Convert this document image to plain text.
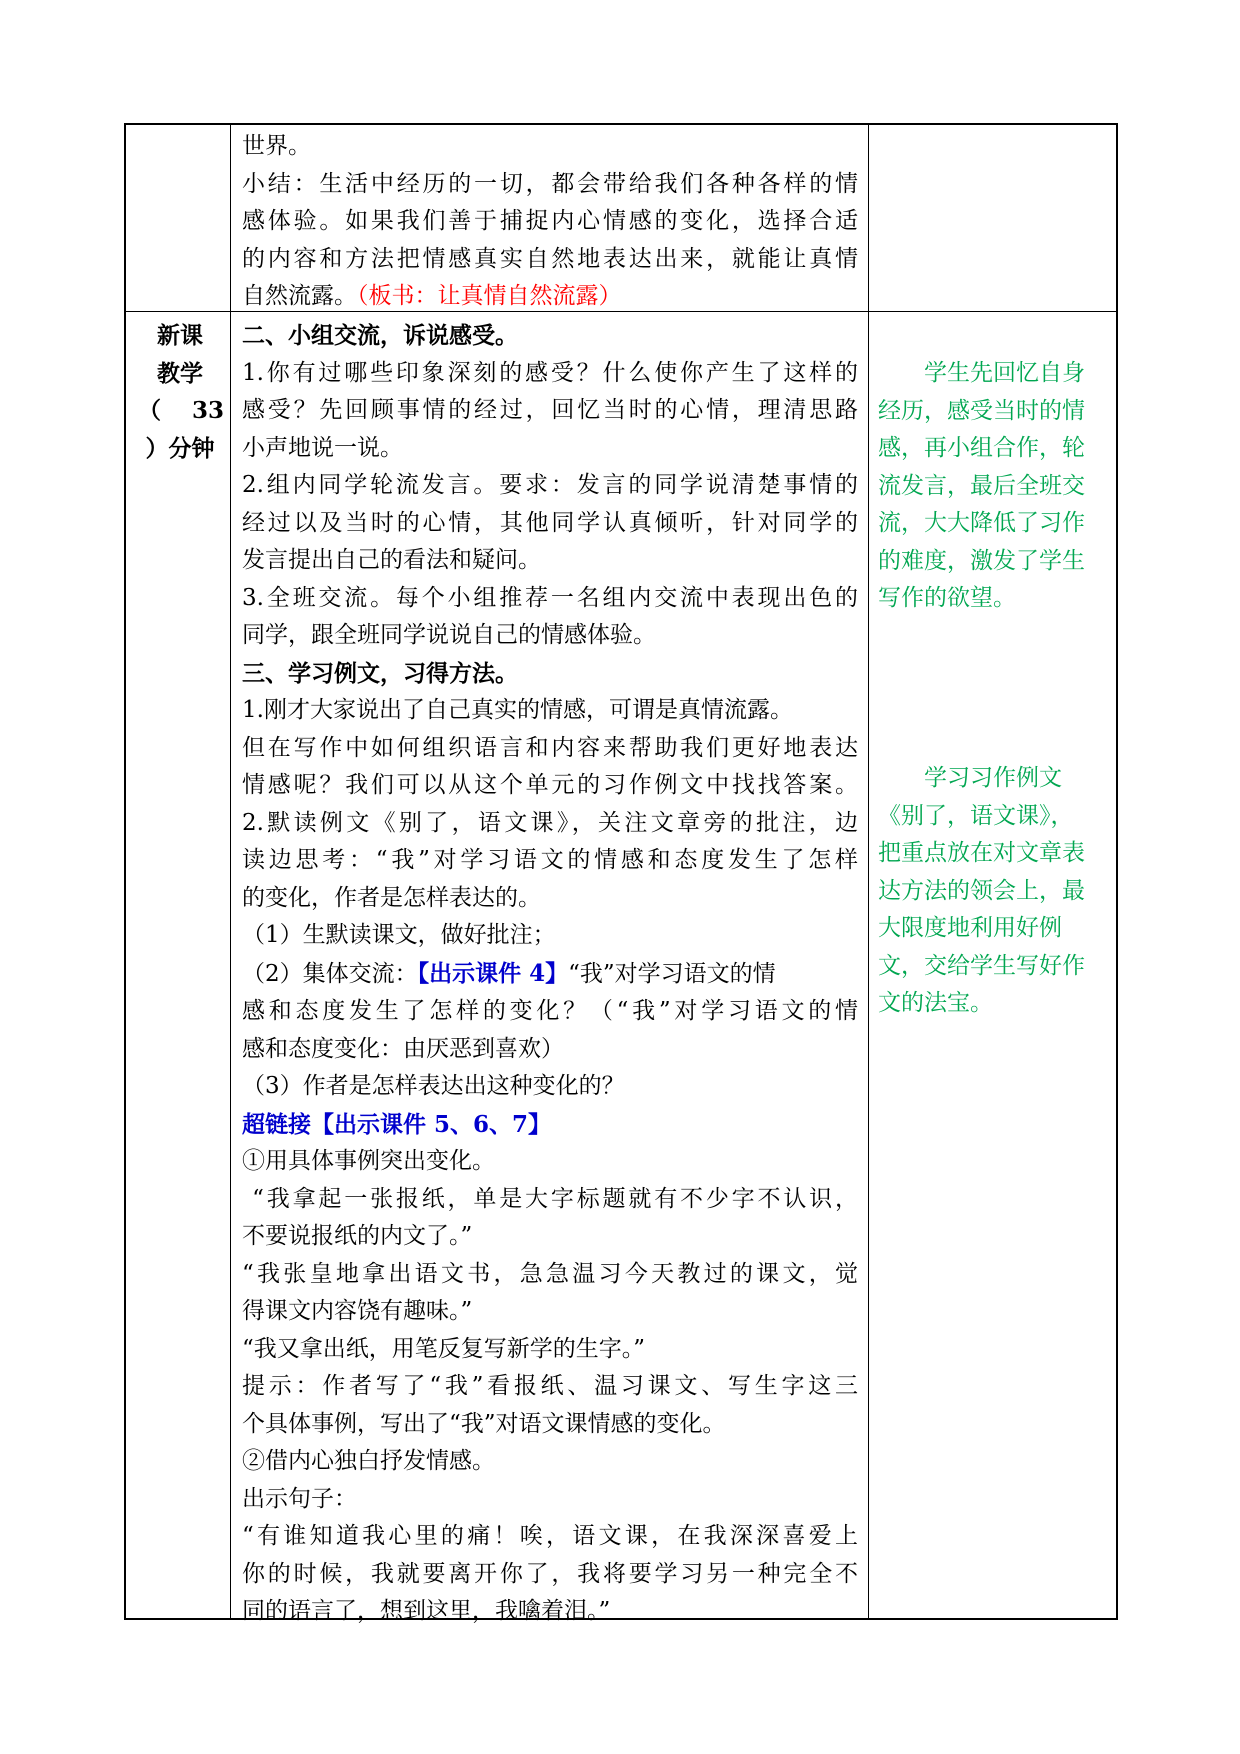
世界。

小结：生活中经历的一切，都会带给我们各种各样的情

感体验。如果我们善于捕捉内心情感的变化，选择合适

的内容和方法把情感真实自然地表达出来，就能让真情

自然流露。（板书：让真情自然流露）

新课

教学

（ 33

）分钟

二、小组交流，诉说感受。

1.你有过哪些印象深刻的感受？什么使你产生了这样的

感受？先回顾事情的经过，回忆当时的心情，理清思路

小声地说一说。

2.组内同学轮流发言。要求：发言的同学说清楚事情的

经过以及当时的心情，其他同学认真倾听，针对同学的

发言提出自己的看法和疑问。

3.全班交流。每个小组推荐一名组内交流中表现出色的

同学，跟全班同学说说自己的情感体验。

三、学习例文，习得方法。

1.刚才大家说出了自己真实的情感，可谓是真情流露。

但在写作中如何组织语言和内容来帮助我们更好地表达

情感呢？我们可以从这个单元的习作例文中找找答案。

2.默读例文《别了，语文课》，关注文章旁的批注，边

读边思考：“我”对学习语文的情感和态度发生了怎样

的变化，作者是怎样表达的。

（1）生默读课文，做好批注；

（2）集体交流：【出示课件 4】“我”对学习语文的情

感和态度发生了怎样的变化？（“我”对学习语文的情

感和态度变化：由厌恶到喜欢）

（3）作者是怎样表达出这种变化的？

超链接【出示课件 5、6、7】

①用具体事例突出变化。

“我拿起一张报纸，单是大字标题就有不少字不认识，

不要说报纸的内文了。”

“我张皇地拿出语文书，急急温习今天教过的课文，觉

得课文内容饶有趣味。”

“我又拿出纸，用笔反复写新学的生字。”

提示：作者写了“我”看报纸、温习课文、写生字这三

个具体事例，写出了“我”对语文课情感的变化。

②借内心独白抒发情感。

出示句子：

“有谁知道我心里的痛！唉，语文课，在我深深喜爱上

你的时候，我就要离开你了，我将要学习另一种完全不

同的语言了，想到这里，我噙着泪。”

　　学生先回忆自身

经历，感受当时的情

感，再小组合作，轮

流发言，最后全班交

流，大大降低了习作

的难度，激发了学生

写作的欲望。

　　学习习作例文

《别了，语文课》，

把重点放在对文章表

达方法的领会上，最

大限度地利用好例

文，交给学生写好作

文的法宝。
